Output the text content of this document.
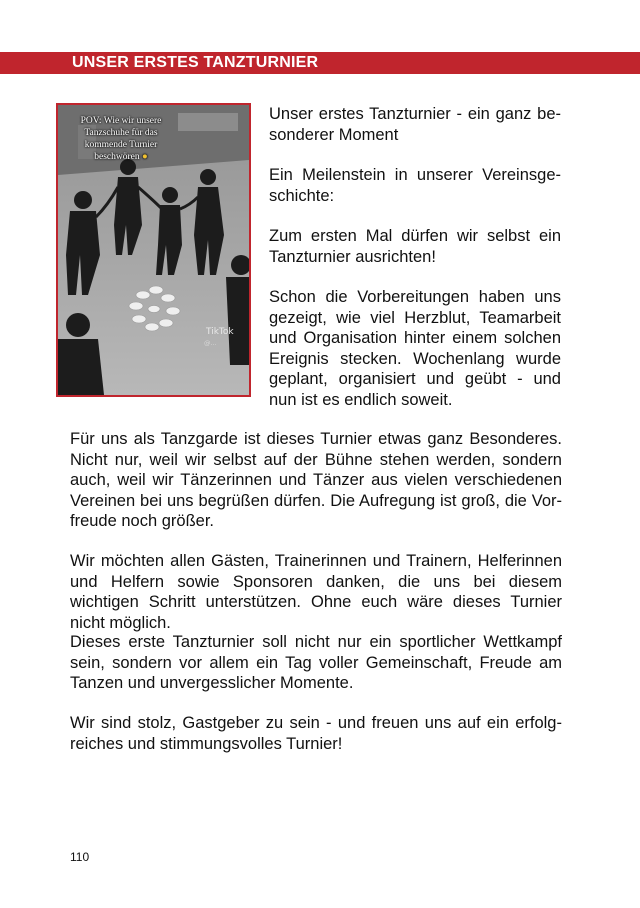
UNSER ERSTES TANZTURNIER
POV: Wie wir unsere Tanzschuhe für das kommende Turnier beschwören ●
TikTok
@...

Unser erstes Tanzturnier - ein ganz besonderer Moment

Ein Meilenstein in unserer Vereinsgeschichte:

Zum ersten Mal dürfen wir selbst ein Tanzturnier ausrichten!

Schon die Vorbereitungen haben uns gezeigt, wie viel Herzblut, Teamarbeit und Organisation hinter einem solchen Ereignis stecken. Wochenlang wurde geplant, organisiert und geübt - und nun ist es endlich soweit.

Für uns als Tanzgarde ist dieses Turnier etwas ganz Besonderes. Nicht nur, weil wir selbst auf der Bühne stehen werden, sondern auch, weil wir Tänzerinnen und Tänzer aus vielen verschiedenen Vereinen bei uns begrüßen dürfen. Die Aufregung ist groß, die Vorfreude noch größer.

Wir möchten allen Gästen, Trainerinnen und Trainern, Helferinnen und Helfern sowie Sponsoren danken, die uns bei diesem wichtigen Schritt unterstützen. Ohne euch wäre dieses Turnier nicht möglich.

Dieses erste Tanzturnier soll nicht nur ein sportlicher Wettkampf sein, sondern vor allem ein Tag voller Gemeinschaft, Freude am Tanzen und unvergesslicher Momente.

Wir sind stolz, Gastgeber zu sein - und freuen uns auf ein erfolgreiches und stimmungsvolles Turnier!

110
